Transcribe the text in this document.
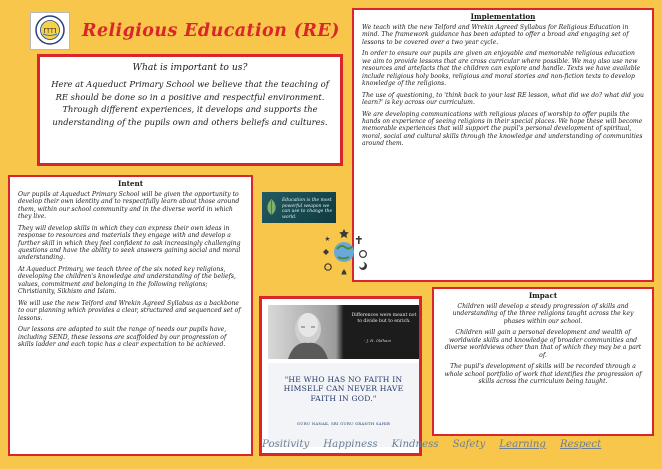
Religious Education (RE)
What is important to us?

Here at Aqueduct Primary School we believe that the teaching of RE should be done so in a positive and respectful environment. Through different experiences, it develops and supports the understanding of the pupils own and others beliefs and cultures.

Intent

Our pupils at Aqueduct Primary School will be given the opportunity to develop their own identity and to respectfully learn about those around them, within our school community and in the diverse world in which they live.

They will develop skills in which they can express their own ideas in response to resources and materials they engage with and develop a further skill in which they feel confident to ask increasingly challenging questions and have the ability to seek answers gaining social and moral understanding.

At Aqueduct Primary, we teach three of the six noted key religions, developing the children's knowledge and understanding of the beliefs, values, commitment and belonging in the following religions; Christianity, Sikhism and Islam.

We will use the new Telford and Wrekin Agreed Syllabus as a backbone to our planning which provides a clear, structured and sequenced set of lessons.

Our lessons are adapted to suit the range of needs our pupils have, including SEND, these lessons are scaffolded by our progression of skills ladder and each topic has a clear expectation to be achieved.

Implementation

We teach with the new Telford and Wrekin Agreed Syllabus for Religious Education in mind. The framework guidance has been adapted to offer a broad and engaging set of lessons to be covered over a two year cycle.

In order to ensure our pupils are given an enjoyable and memorable religious education we aim to provide lessons that are cross curricular where possible. We may also use new resources and artefacts that the children can explore and handle. Texts we have available include religious holy books, religious and moral stories and non-fiction texts to develop knowledge of the religions.

The use of questioning, to 'think back to your last RE lesson, what did we do? what did you learn?' is key across our curriculum.

We are developing communications with religious places of worship to offer pupils the hands on experience of seeing religions in their special places. We hope these will become memorable experiences that will support the pupil's personal development of spiritual, moral, social and cultural skills through the knowledge and understanding of communities around them.

Education is the most powerful weapon we can use to change the world.
Differences were meant not to divide but to enrich.
- J. H. Oldham
"HE WHO HAS NO FAITH IN HIMSELF CAN NEVER HAVE FAITH IN GOD."
GURU NANAK, SRI GURU GRANTH SAHIB
Impact

Children will develop a steady progression of skills and understanding of the three religions taught across the key phases within our school.

Children will gain a personal development and wealth of worldwide skills and knowledge of broader communities and diverse worldviews other than that of which they may be a part of.

The pupil's development of skills will be recorded through a whole school portfolio of work that identifies the progression of skills across the curriculum being taught.

Positivity Happiness Kindness Safety Learning Respect
